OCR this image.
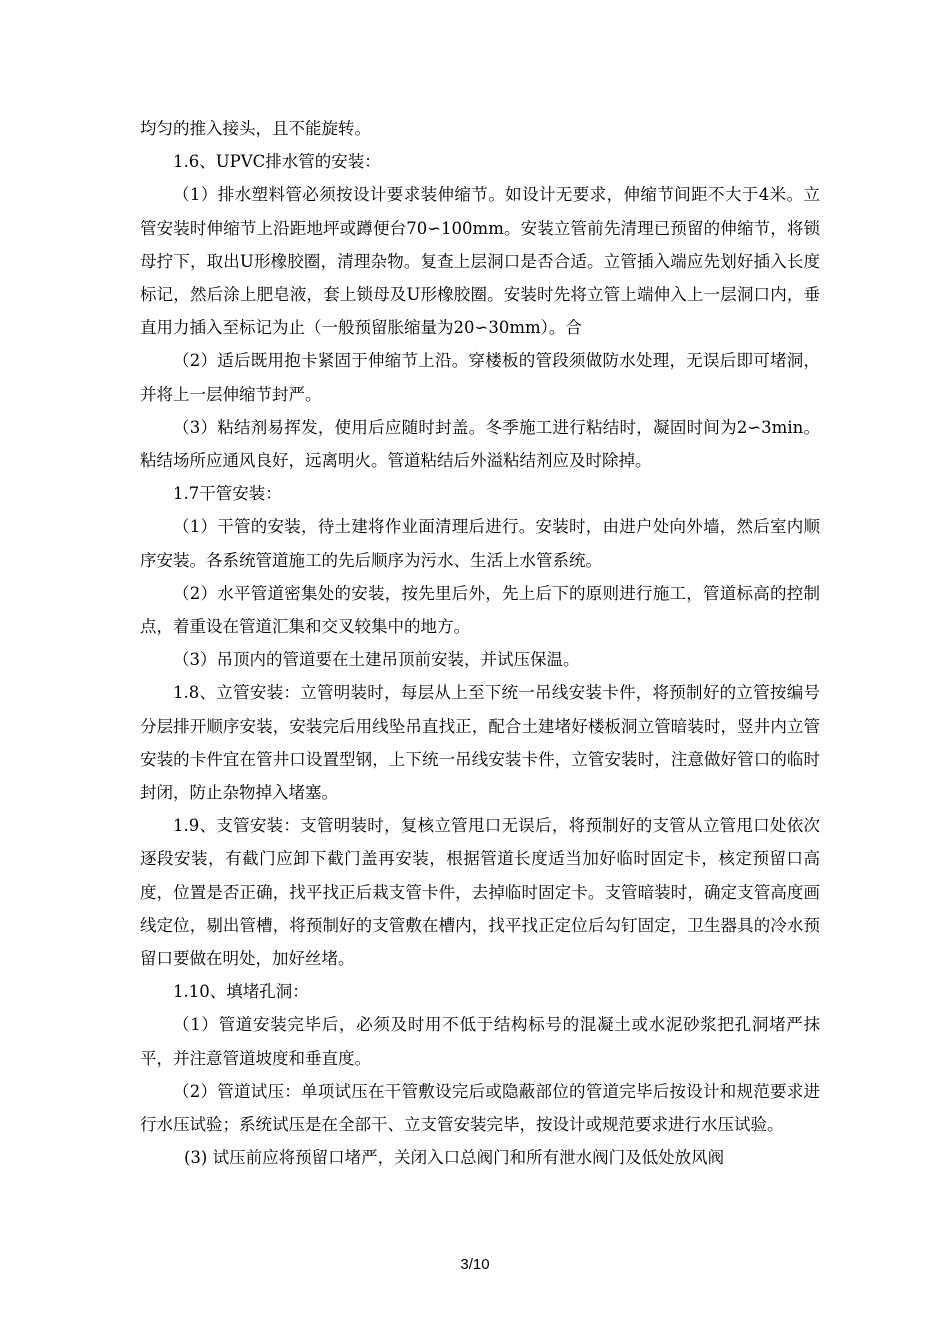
均匀的推入接头，且不能旋转。

1.6、UPVC排水管的安装：

（1）排水塑料管必须按设计要求装伸缩节。如设计无要求，伸缩节间距不大于4米。立管安装时伸缩节上沿距地坪或蹲便台70∽100mm。安装立管前先清理已预留的伸缩节，将锁母拧下，取出U形橡胶圈，清理杂物。复查上层洞口是否合适。立管插入端应先划好插入长度标记，然后涂上肥皂液，套上锁母及U形橡胶圈。安装时先将立管上端伸入上一层洞口内，垂直用力插入至标记为止（一般预留胀缩量为20∽30mm）。合

（2）适后既用抱卡紧固于伸缩节上沿。穿楼板的管段须做防水处理，无误后即可堵洞，并将上一层伸缩节封严。

（3）粘结剂易挥发，使用后应随时封盖。冬季施工进行粘结时，凝固时间为2∽3min。粘结场所应通风良好，远离明火。管道粘结后外溢粘结剂应及时除掉。

1.7干管安装：

（1）干管的安装，待土建将作业面清理后进行。安装时，由进户处向外墙，然后室内顺序安装。各系统管道施工的先后顺序为污水、生活上水管系统。

（2）水平管道密集处的安装，按先里后外，先上后下的原则进行施工，管道标高的控制点，着重设在管道汇集和交叉较集中的地方。

（3）吊顶内的管道要在土建吊顶前安装，并试压保温。

1.8、立管安装：立管明装时，每层从上至下统一吊线安装卡件，将预制好的立管按编号分层排开顺序安装，安装完后用线坠吊直找正，配合土建堵好楼板洞立管暗装时，竖井内立管安装的卡件宜在管井口设置型钢，上下统一吊线安装卡件，立管安装时，注意做好管口的临时封闭，防止杂物掉入堵塞。

1.9、支管安装：支管明装时，复核立管甩口无误后，将预制好的支管从立管甩口处依次逐段安装，有截门应卸下截门盖再安装，根据管道长度适当加好临时固定卡，核定预留口高度，位置是否正确，找平找正后栽支管卡件，去掉临时固定卡。支管暗装时，确定支管高度画线定位，剔出管槽，将预制好的支管敷在槽内，找平找正定位后勾钉固定，卫生器具的冷水预留口要做在明处，加好丝堵。

1.10、填堵孔洞：

（1）管道安装完毕后，必须及时用不低于结构标号的混凝土或水泥砂浆把孔洞堵严抹平，并注意管道坡度和垂直度。

（2）管道试压：单项试压在干管敷设完后或隐蔽部位的管道完毕后按设计和规范要求进行水压试验；系统试压是在全部干、立支管安装完毕，按设计或规范要求进行水压试验。

(3) 试压前应将预留口堵严，关闭入口总阀门和所有泄水阀门及低处放风阀

3/10
